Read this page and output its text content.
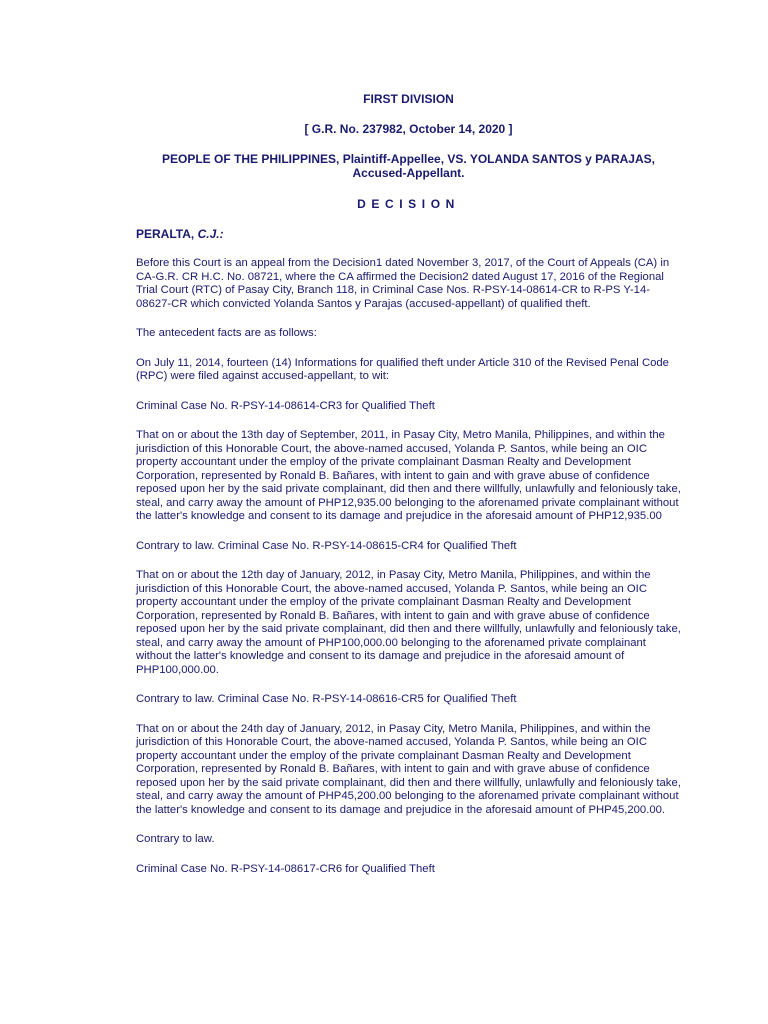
FIRST DIVISION
[ G.R. No. 237982, October 14, 2020 ]
PEOPLE OF THE PHILIPPINES, Plaintiff-Appellee, VS. YOLANDA SANTOS y PARAJAS, Accused-Appellant.
DECISION
PERALTA, C.J.:

Before this Court is an appeal from the Decision1 dated November 3, 2017, of the Court of Appeals (CA) in CA-G.R. CR H.C. No. 08721, where the CA affirmed the Decision2 dated August 17, 2016 of the Regional Trial Court (RTC) of Pasay City, Branch 118, in Criminal Case Nos. R-PSY-14-08614-CR to R-PS Y-14-08627-CR which convicted Yolanda Santos y Parajas (accused-appellant) of qualified theft.

The antecedent facts are as follows:

On July 11, 2014, fourteen (14) Informations for qualified theft under Article 310 of the Revised Penal Code (RPC) were filed against accused-appellant, to wit:

Criminal Case No. R-PSY-14-08614-CR3 for Qualified Theft

That on or about the 13th day of September, 2011, in Pasay City, Metro Manila, Philippines, and within the jurisdiction of this Honorable Court, the above-named accused, Yolanda P. Santos, while being an OIC property accountant under the employ of the private complainant Dasman Realty and Development Corporation, represented by Ronald B. Bañares, with intent to gain and with grave abuse of confidence reposed upon her by the said private complainant, did then and there willfully, unlawfully and feloniously take, steal, and carry away the amount of PHP12,935.00 belonging to the aforenamed private complainant without the latter's knowledge and consent to its damage and prejudice in the aforesaid amount of PHP12,935.00

Contrary to law. Criminal Case No. R-PSY-14-08615-CR4 for Qualified Theft

That on or about the 12th day of January, 2012, in Pasay City, Metro Manila, Philippines, and within the jurisdiction of this Honorable Court, the above-named accused, Yolanda P. Santos, while being an OIC property accountant under the employ of the private complainant Dasman Realty and Development Corporation, represented by Ronald B. Bañares, with intent to gain and with grave abuse of confidence reposed upon her by the said private complainant, did then and there willfully, unlawfully and feloniously take, steal, and carry away the amount of PHP100,000.00 belonging to the aforenamed private complainant without the latter's knowledge and consent to its damage and prejudice in the aforesaid amount of PHP100,000.00.

Contrary to law. Criminal Case No. R-PSY-14-08616-CR5 for Qualified Theft

That on or about the 24th day of January, 2012, in Pasay City, Metro Manila, Philippines, and within the jurisdiction of this Honorable Court, the above-named accused, Yolanda P. Santos, while being an OIC property accountant under the employ of the private complainant Dasman Realty and Development Corporation, represented by Ronald B. Bañares, with intent to gain and with grave abuse of confidence reposed upon her by the said private complainant, did then and there willfully, unlawfully and feloniously take, steal, and carry away the amount of PHP45,200.00 belonging to the aforenamed private complainant without the latter's knowledge and consent to its damage and prejudice in the aforesaid amount of PHP45,200.00.

Contrary to law.

Criminal Case No. R-PSY-14-08617-CR6 for Qualified Theft
